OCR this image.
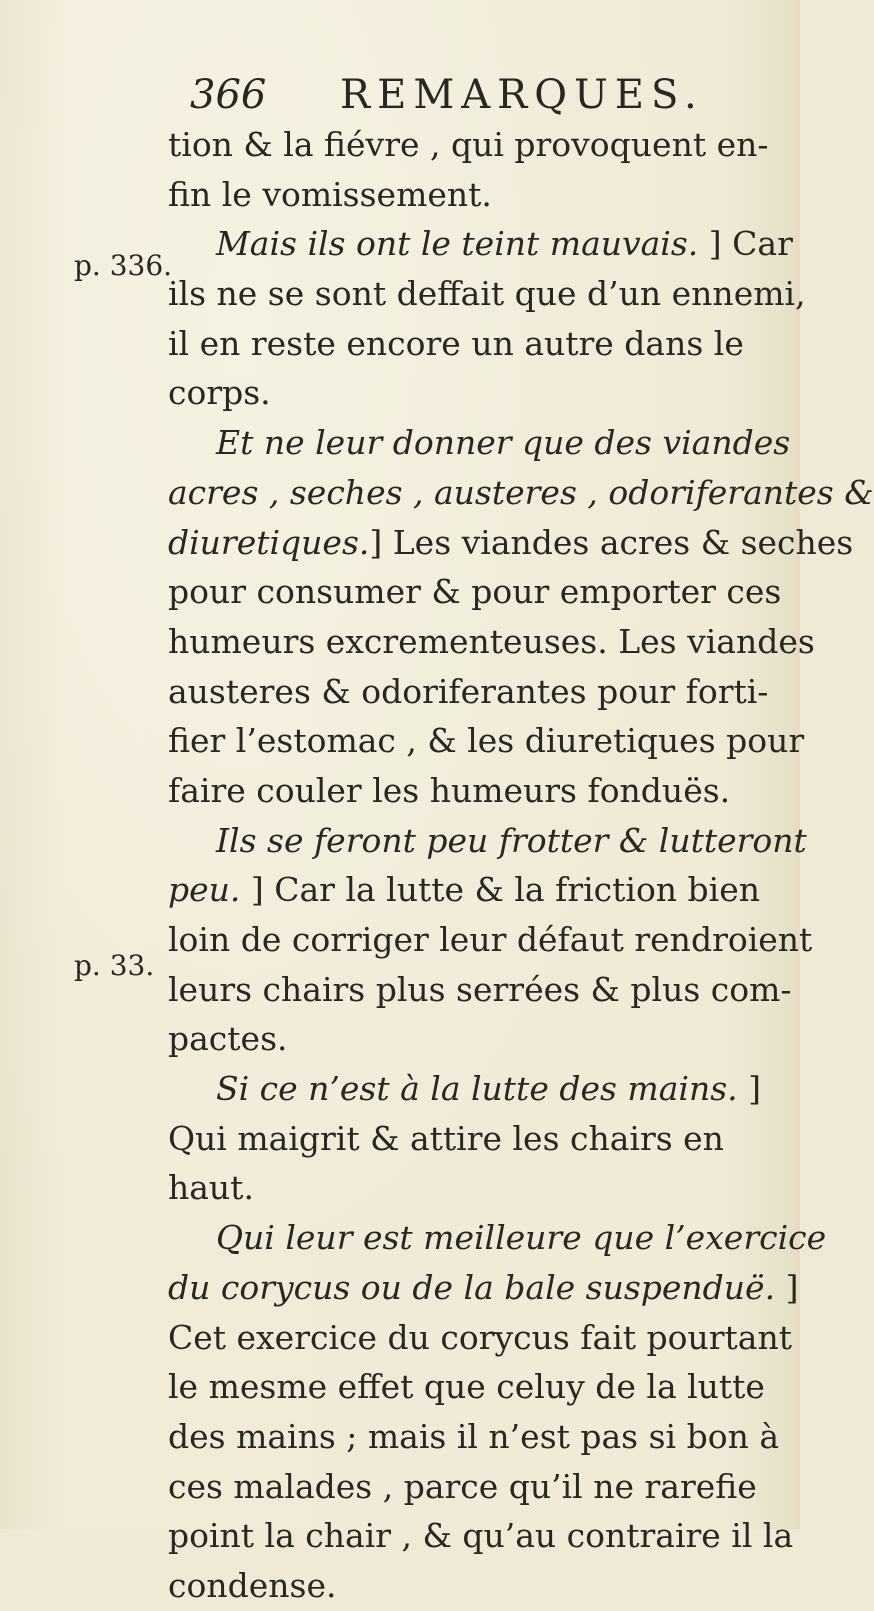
366 REMARQUES.
p. 336.
p. 33.
tion & la fiévre , qui provoquent en-
fin le vomissement.
Mais ils ont le teint mauvais. ] Car
ils ne se sont deffait que d’un ennemi,
il en reste encore un autre dans le
corps.
Et ne leur donner que des viandes
acres , seches , austeres , odoriferantes &
diuretiques.] Les viandes acres & seches
pour consumer & pour emporter ces
humeurs excrementeuses. Les viandes
austeres & odoriferantes pour forti-
fier l’estomac , & les diuretiques pour
faire couler les humeurs fonduës.
Ils se feront peu frotter & lutteront
peu. ] Car la lutte & la friction bien
loin de corriger leur défaut rendroient
leurs chairs plus serrées & plus com-
pactes.
Si ce n’est à la lutte des mains. ]
Qui maigrit & attire les chairs en
haut.
Qui leur est meilleure que l’exercice
du corycus ou de la bale suspenduë. ]
Cet exercice du corycus fait pourtant
le mesme effet que celuy de la lutte
des mains ; mais il n’est pas si bon à
ces malades , parce qu’il ne rarefie
point la chair , & qu’au contraire il la
condense.
